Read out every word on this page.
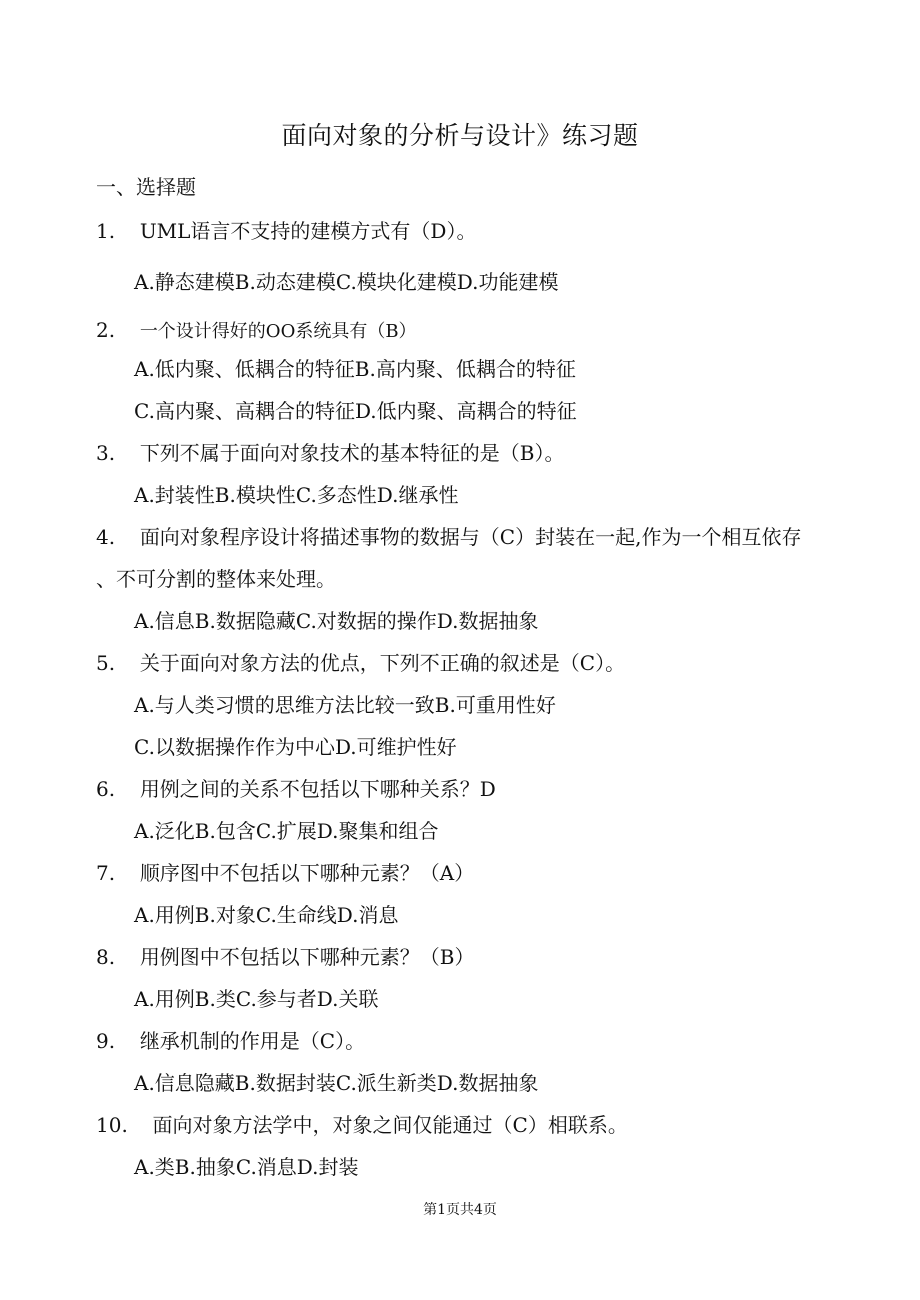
面向对象的分析与设计》练习题
一、选择题
1. UML语言不支持的建模方式有（D）。
A.静态建模B.动态建模C.模块化建模D.功能建模
2. 一个设计得好的OO系统具有（B）
A.低内聚、低耦合的特征B.高内聚、低耦合的特征
C.高内聚、高耦合的特征D.低内聚、高耦合的特征
3. 下列不属于面向对象技术的基本特征的是（B）。
A.封装性B.模块性C.多态性D.继承性
4. 面向对象程序设计将描述事物的数据与（C）封装在一起,作为一个相互依存
、不可分割的整体来处理。
A.信息B.数据隐藏C.对数据的操作D.数据抽象
5. 关于面向对象方法的优点，下列不正确的叙述是（C）。
A.与人类习惯的思维方法比较一致B.可重用性好
C.以数据操作作为中心D.可维护性好
6. 用例之间的关系不包括以下哪种关系？D
A.泛化B.包含C.扩展D.聚集和组合
7. 顺序图中不包括以下哪种元素？（A）
A.用例B.对象C.生命线D.消息
8. 用例图中不包括以下哪种元素？（B）
A.用例B.类C.参与者D.关联
9. 继承机制的作用是（C）。
A.信息隐藏B.数据封装C.派生新类D.数据抽象
10. 面向对象方法学中，对象之间仅能通过（C）相联系。
A.类B.抽象C.消息D.封装
第1页共4页
